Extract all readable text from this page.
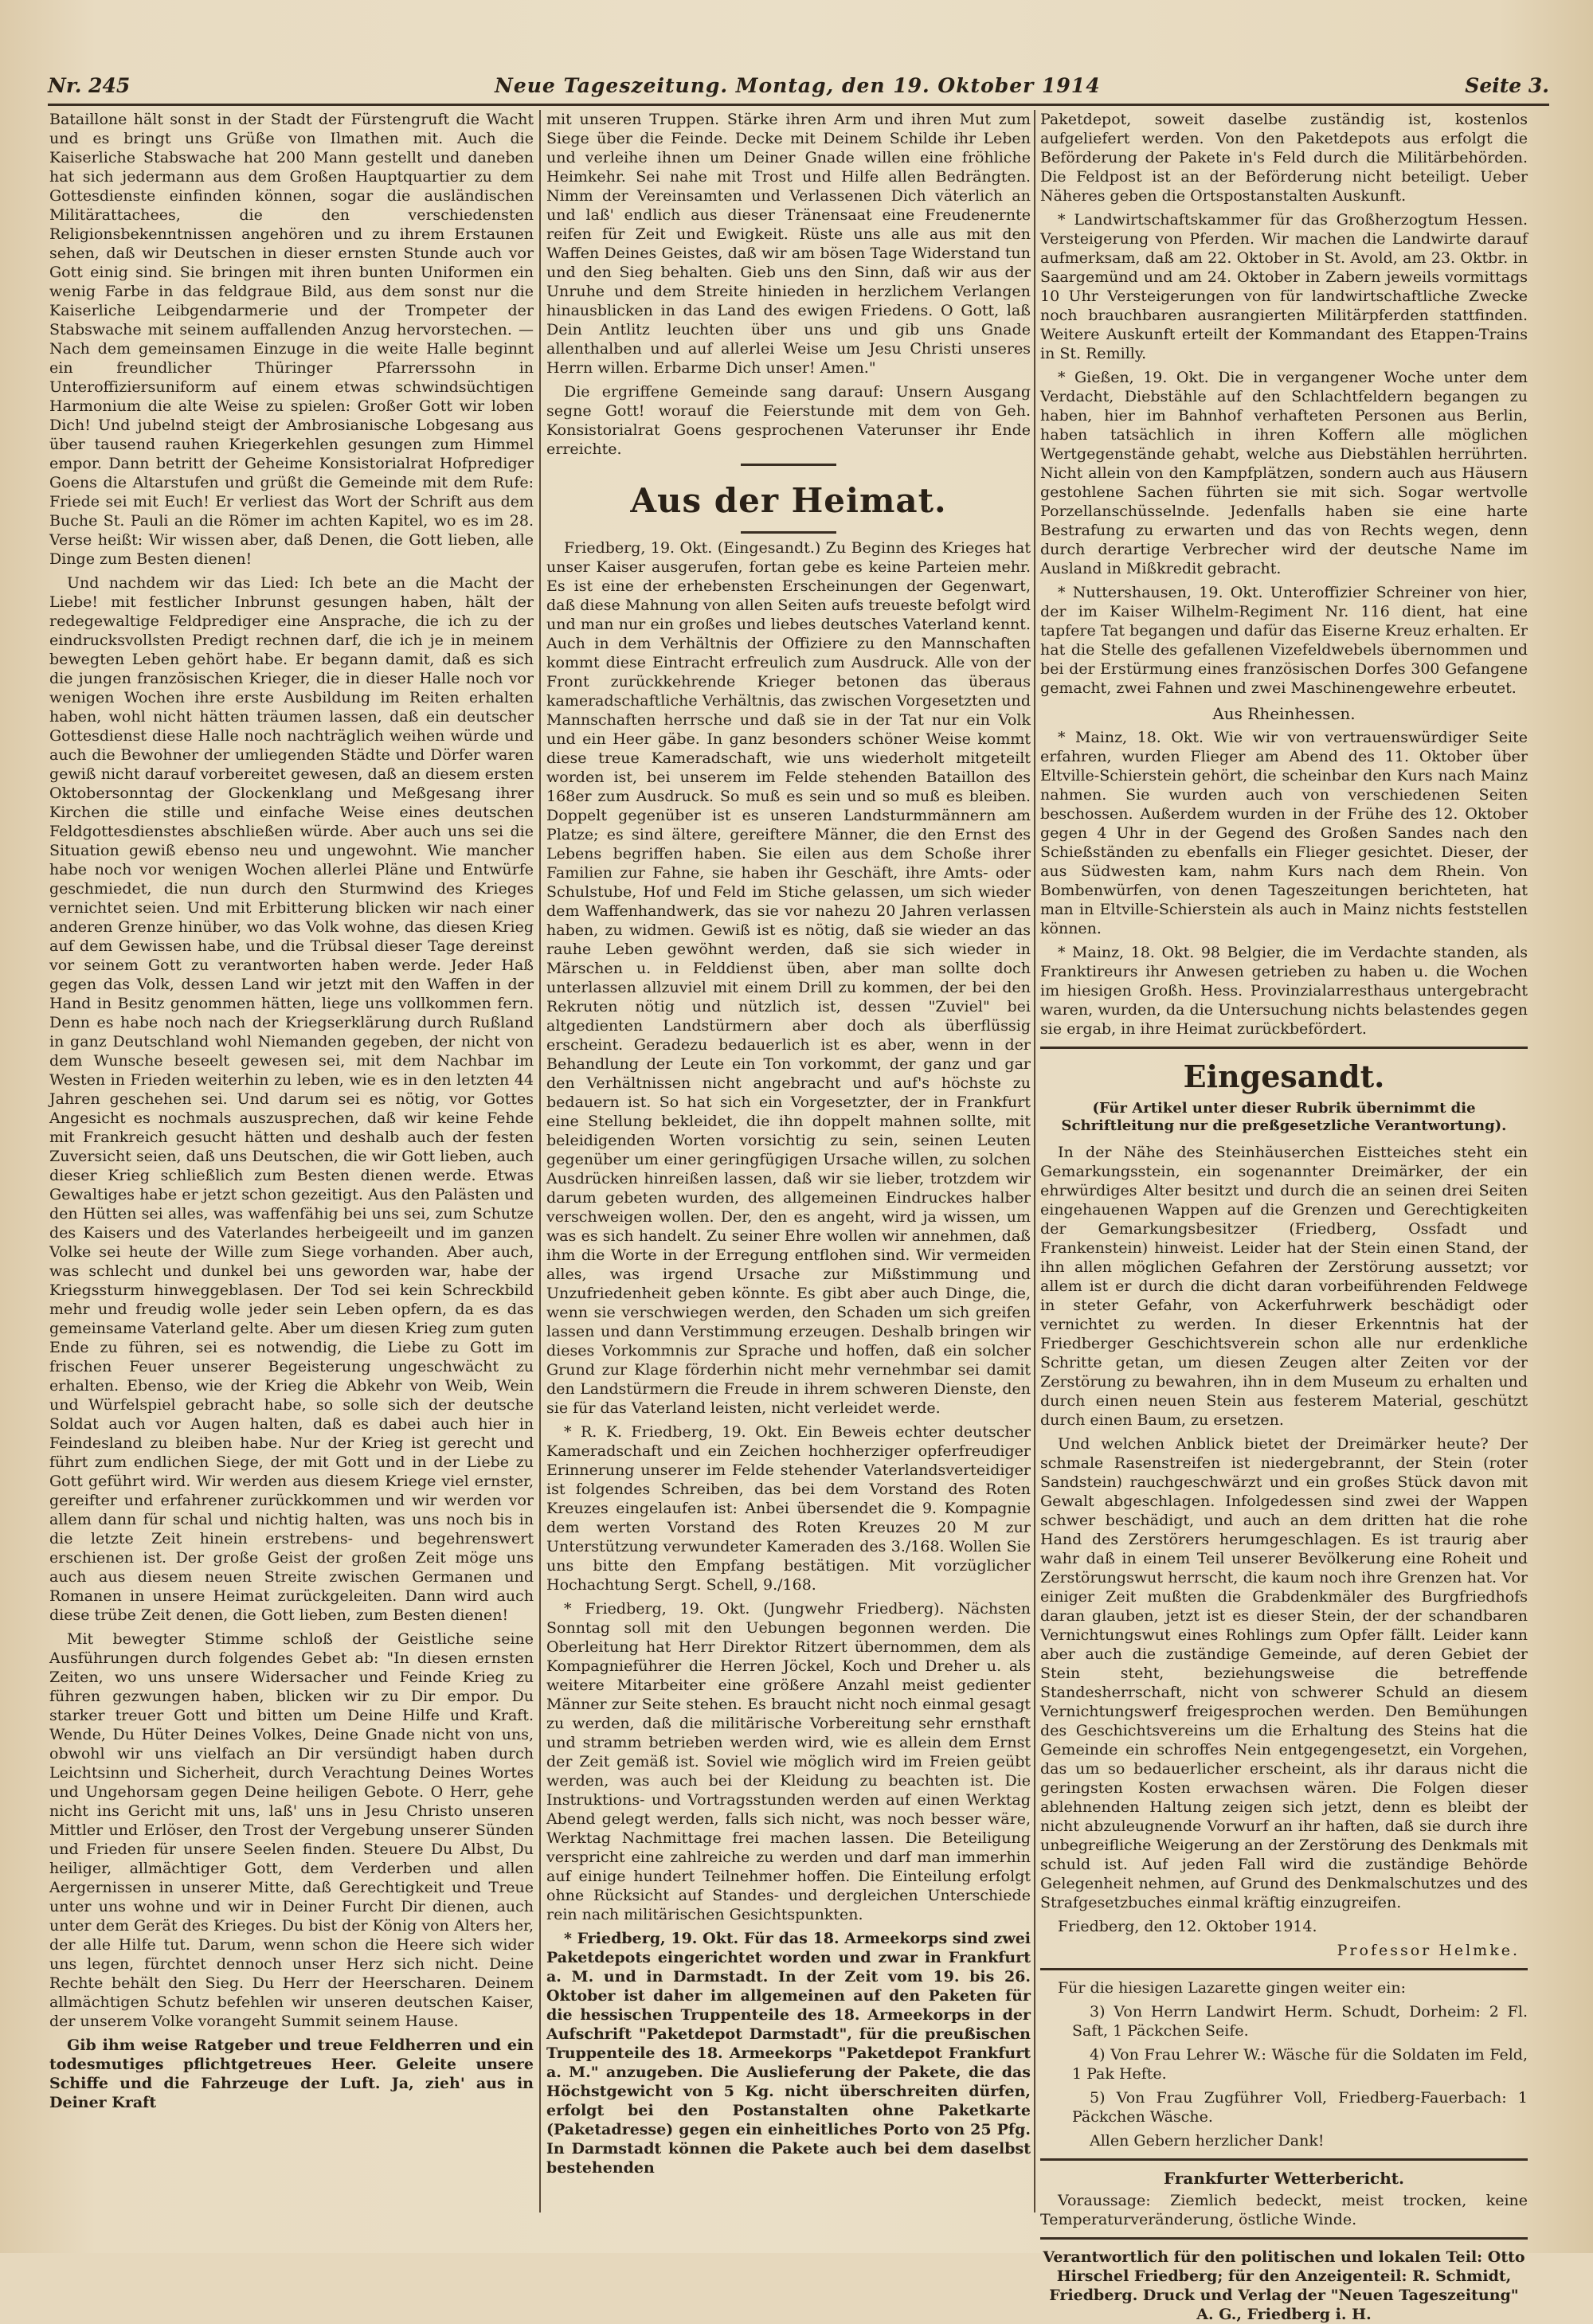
Nr. 245	Neue Tageszeitung. Montag, den 19. Oktober 1914	Seite 3.

Bataillone hält sonst in der Stadt der Fürstengruft die Wacht und es bringt uns Grüße von Ilmathen mit. Auch die Kaiserliche Stabswache hat 200 Mann gestellt und daneben hat sich jedermann aus dem Großen Hauptquartier zu dem Gottesdienste einfinden können, sogar die ausländischen Militärattachees, die den verschiedensten Religionsbekenntnissen angehören und zu ihrem Erstaunen sehen, daß wir Deutschen in dieser ernsten Stunde auch vor Gott einig sind. Sie bringen mit ihren bunten Uniformen ein wenig Farbe in das feldgraue Bild, aus dem sonst nur die Kaiserliche Leibgendarmerie und der Trompeter der Stabswache mit seinem auffallenden Anzug hervorstechen. — Nach dem gemeinsamen Einzuge in die weite Halle beginnt ein freundlicher Thüringer Pfarrerssohn in Unteroffiziersuniform auf einem etwas schwindsüchtigen Harmonium die alte Weise zu spielen: Großer Gott wir loben Dich! Und jubelnd steigt der Ambrosianische Lobgesang aus über tausend rauhen Kriegerkehlen gesungen zum Himmel empor. Dann betritt der Geheime Konsistorialrat Hofprediger Goens die Altarstufen und grüßt die Gemeinde mit dem Rufe: Friede sei mit Euch! Er verliest das Wort der Schrift aus dem Buche St. Pauli an die Römer im achten Kapitel, wo es im 28. Verse heißt: Wir wissen aber, daß Denen, die Gott lieben, alle Dinge zum Besten dienen!

Und nachdem wir das Lied: Ich bete an die Macht der Liebe! mit festlicher Inbrunst gesungen haben, hält der redegewaltige Feldprediger eine Ansprache, die ich zu der eindrucksvollsten Predigt rechnen darf, die ich je in meinem bewegten Leben gehört habe. Er begann damit, daß es sich die jungen französischen Krieger, die in dieser Halle noch vor wenigen Wochen ihre erste Ausbildung im Reiten erhalten haben, wohl nicht hätten träumen lassen, daß ein deutscher Gottesdienst diese Halle noch nachträglich weihen würde und auch die Bewohner der umliegenden Städte und Dörfer waren gewiß nicht darauf vorbereitet gewesen, daß an diesem ersten Oktobersonntag der Glockenklang und Meßgesang ihrer Kirchen die stille und einfache Weise eines deutschen Feldgottesdienstes abschließen würde. Aber auch uns sei die Situation gewiß ebenso neu und ungewohnt. Wie mancher habe noch vor wenigen Wochen allerlei Pläne und Entwürfe geschmiedet, die nun durch den Sturmwind des Krieges vernichtet seien. Und mit Erbitterung blicken wir nach einer anderen Grenze hinüber, wo das Volk wohne, das diesen Krieg auf dem Gewissen habe, und die Trübsal dieser Tage dereinst vor seinem Gott zu verantworten haben werde. Jeder Haß gegen das Volk, dessen Land wir jetzt mit den Waffen in der Hand in Besitz genommen hätten, liege uns vollkommen fern. Denn es habe noch nach der Kriegserklärung durch Rußland in ganz Deutschland wohl Niemanden gegeben, der nicht von dem Wunsche beseelt gewesen sei, mit dem Nachbar im Westen in Frieden weiterhin zu leben, wie es in den letzten 44 Jahren geschehen sei. Und darum sei es nötig, vor Gottes Angesicht es nochmals auszusprechen, daß wir keine Fehde mit Frankreich gesucht hätten und deshalb auch der festen Zuversicht seien, daß uns Deutschen, die wir Gott lieben, auch dieser Krieg schließlich zum Besten dienen werde. Etwas Gewaltiges habe er jetzt schon gezeitigt. Aus den Palästen und den Hütten sei alles, was waffenfähig bei uns sei, zum Schutze des Kaisers und des Vaterlandes herbeigeeilt und im ganzen Volke sei heute der Wille zum Siege vorhanden. Aber auch, was schlecht und dunkel bei uns geworden war, habe der Kriegssturm hinweggeblasen. Der Tod sei kein Schreckbild mehr und freudig wolle jeder sein Leben opfern, da es das gemeinsame Vaterland gelte. Aber um diesen Krieg zum guten Ende zu führen, sei es notwendig, die Liebe zu Gott im frischen Feuer unserer Begeisterung ungeschwächt zu erhalten. Ebenso, wie der Krieg die Abkehr von Weib, Wein und Würfelspiel gebracht habe, so solle sich der deutsche Soldat auch vor Augen halten, daß es dabei auch hier in Feindesland zu bleiben habe. Nur der Krieg ist gerecht und führt zum endlichen Siege, der mit Gott und in der Liebe zu Gott geführt wird. Wir werden aus diesem Kriege viel ernster, gereifter und erfahrener zurückkommen und wir werden vor allem dann für schal und nichtig halten, was uns noch bis in die letzte Zeit hinein erstrebens- und begehrenswert erschienen ist. Der große Geist der großen Zeit möge uns auch aus diesem neuen Streite zwischen Germanen und Romanen in unsere Heimat zurückgeleiten. Dann wird auch diese trübe Zeit denen, die Gott lieben, zum Besten dienen!

Mit bewegter Stimme schloß der Geistliche seine Ausführungen durch folgendes Gebet ab: "In diesen ernsten Zeiten, wo uns unsere Widersacher und Feinde Krieg zu führen gezwungen haben, blicken wir zu Dir empor. Du starker treuer Gott und bitten um Deine Hilfe und Kraft. Wende, Du Hüter Deines Volkes, Deine Gnade nicht von uns, obwohl wir uns vielfach an Dir versündigt haben durch Leichtsinn und Sicherheit, durch Verachtung Deines Wortes und Ungehorsam gegen Deine heiligen Gebote. O Herr, gehe nicht ins Gericht mit uns, laß' uns in Jesu Christo unseren Mittler und Erlöser, den Trost der Vergebung unserer Sünden und Frieden für unsere Seelen finden. Steuere Du Albst, Du heiliger, allmächtiger Gott, dem Verderben und allen Aergernissen in unserer Mitte, daß Gerechtigkeit und Treue unter uns wohne und wir in Deiner Furcht Dir dienen, auch unter dem Gerät des Krieges. Du bist der König von Alters her, der alle Hilfe tut. Darum, wenn schon die Heere sich wider uns legen, fürchtet dennoch unser Herz sich nicht. Deine Rechte behält den Sieg. Du Herr der Heerscharen. Deinem allmächtigen Schutz befehlen wir unseren deutschen Kaiser, der unserem Volke vorangeht Summit seinem Hause.

Gib ihm weise Ratgeber und treue Feldherren und ein todesmutiges pflichtgetreues Heer. Geleite unsere Schiffe und die Fahrzeuge der Luft. Ja, zieh' aus in Deiner Kraft

mit unseren Truppen. Stärke ihren Arm und ihren Mut zum Siege über die Feinde. Decke mit Deinem Schilde ihr Leben und verleihe ihnen um Deiner Gnade willen eine fröhliche Heimkehr. Sei nahe mit Trost und Hilfe allen Bedrängten. Nimm der Vereinsamten und Verlassenen Dich väterlich an und laß' endlich aus dieser Tränensaat eine Freudenernte reifen für Zeit und Ewigkeit. Rüste uns alle aus mit den Waffen Deines Geistes, daß wir am bösen Tage Widerstand tun und den Sieg behalten. Gieb uns den Sinn, daß wir aus der Unruhe und dem Streite hinieden in herzlichem Verlangen hinausblicken in das Land des ewigen Friedens. O Gott, laß Dein Antlitz leuchten über uns und gib uns Gnade allenthalben und auf allerlei Weise um Jesu Christi unseres Herrn willen. Erbarme Dich unser! Amen."

Die ergriffene Gemeinde sang darauf: Unsern Ausgang segne Gott! worauf die Feierstunde mit dem von Geh. Konsistorialrat Goens gesprochenen Vaterunser ihr Ende erreichte.

Aus der Heimat.

Friedberg, 19. Okt. (Eingesandt.) Zu Beginn des Krieges hat unser Kaiser ausgerufen, fortan gebe es keine Parteien mehr. Es ist eine der erhebensten Erscheinungen der Gegenwart, daß diese Mahnung von allen Seiten aufs treueste befolgt wird und man nur ein großes und liebes deutsches Vaterland kennt. Auch in dem Verhältnis der Offiziere zu den Mannschaften kommt diese Eintracht erfreulich zum Ausdruck. Alle von der Front zurückkehrende Krieger betonen das überaus kameradschaftliche Verhältnis, das zwischen Vorgesetzten und Mannschaften herrsche und daß sie in der Tat nur ein Volk und ein Heer gäbe. In ganz besonders schöner Weise kommt diese treue Kameradschaft, wie uns wiederholt mitgeteilt worden ist, bei unserem im Felde stehenden Bataillon des 168er zum Ausdruck. So muß es sein und so muß es bleiben. Doppelt gegenüber ist es unseren Landsturmmännern am Platze; es sind ältere, gereiftere Männer, die den Ernst des Lebens begriffen haben. Sie eilen aus dem Schoße ihrer Familien zur Fahne, sie haben ihr Geschäft, ihre Amts- oder Schulstube, Hof und Feld im Stiche gelassen, um sich wieder dem Waffenhandwerk, das sie vor nahezu 20 Jahren verlassen haben, zu widmen. Gewiß ist es nötig, daß sie wieder an das rauhe Leben gewöhnt werden, daß sie sich wieder in Märschen u. in Felddienst üben, aber man sollte doch unterlassen allzuviel mit einem Drill zu kommen, der bei den Rekruten nötig und nützlich ist, dessen "Zuviel" bei altgedienten Landstürmern aber doch als überflüssig erscheint. Geradezu bedauerlich ist es aber, wenn in der Behandlung der Leute ein Ton vorkommt, der ganz und gar den Verhältnissen nicht angebracht und auf's höchste zu bedauern ist. So hat sich ein Vorgesetzter, der in Frankfurt eine Stellung bekleidet, die ihn doppelt mahnen sollte, mit beleidigenden Worten vorsichtig zu sein, seinen Leuten gegenüber um einer geringfügigen Ursache willen, zu solchen Ausdrücken hinreißen lassen, daß wir sie lieber, trotzdem wir darum gebeten wurden, des allgemeinen Eindruckes halber verschweigen wollen. Der, den es angeht, wird ja wissen, um was es sich handelt. Zu seiner Ehre wollen wir annehmen, daß ihm die Worte in der Erregung entflohen sind. Wir vermeiden alles, was irgend Ursache zur Mißstimmung und Unzufriedenheit geben könnte. Es gibt aber auch Dinge, die, wenn sie verschwiegen werden, den Schaden um sich greifen lassen und dann Verstimmung erzeugen. Deshalb bringen wir dieses Vorkommnis zur Sprache und hoffen, daß ein solcher Grund zur Klage förderhin nicht mehr vernehmbar sei damit den Landstürmern die Freude in ihrem schweren Dienste, den sie für das Vaterland leisten, nicht verleidet werde.

* R. K. Friedberg, 19. Okt. Ein Beweis echter deutscher Kameradschaft und ein Zeichen hochherziger opferfreudiger Erinnerung unserer im Felde stehender Vaterlandsverteidiger ist folgendes Schreiben, das bei dem Vorstand des Roten Kreuzes eingelaufen ist: Anbei übersendet die 9. Kompagnie dem werten Vorstand des Roten Kreuzes 20 M zur Unterstützung verwundeter Kameraden des 3./168. Wollen Sie uns bitte den Empfang bestätigen. Mit vorzüglicher Hochachtung Sergt. Schell, 9./168.

* Friedberg, 19. Okt. (Jungwehr Friedberg). Nächsten Sonntag soll mit den Uebungen begonnen werden. Die Oberleitung hat Herr Direktor Ritzert übernommen, dem als Kompagnieführer die Herren Jöckel, Koch und Dreher u. als weitere Mitarbeiter eine größere Anzahl meist gedienter Männer zur Seite stehen. Es braucht nicht noch einmal gesagt zu werden, daß die militärische Vorbereitung sehr ernsthaft und stramm betrieben werden wird, wie es allein dem Ernst der Zeit gemäß ist. Soviel wie möglich wird im Freien geübt werden, was auch bei der Kleidung zu beachten ist. Die Instruktions- und Vortragsstunden werden auf einen Werktag Abend gelegt werden, falls sich nicht, was noch besser wäre, Werktag Nachmittage frei machen lassen. Die Beteiligung verspricht eine zahlreiche zu werden und darf man immerhin auf einige hundert Teilnehmer hoffen. Die Einteilung erfolgt ohne Rücksicht auf Standes- und dergleichen Unterschiede rein nach militärischen Gesichtspunkten.

* Friedberg, 19. Okt. Für das 18. Armeekorps sind zwei Paketdepots eingerichtet worden und zwar in Frankfurt a. M. und in Darmstadt. In der Zeit vom 19. bis 26. Oktober ist daher im allgemeinen auf den Paketen für die hessischen Truppenteile des 18. Armeekorps in der Aufschrift "Paketdepot Darmstadt", für die preußischen Truppenteile des 18. Armeekorps "Paketdepot Frankfurt a. M." anzugeben. Die Auslieferung der Pakete, die das Höchstgewicht von 5 Kg. nicht überschreiten dürfen, erfolgt bei den Postanstalten ohne Paketkarte (Paketadresse) gegen ein einheitliches Porto von 25 Pfg. In Darmstadt können die Pakete auch bei dem daselbst bestehenden

Paketdepot, soweit daselbe zuständig ist, kostenlos aufgeliefert werden. Von den Paketdepots aus erfolgt die Beförderung der Pakete in's Feld durch die Militärbehörden. Die Feldpost ist an der Beförderung nicht beteiligt. Ueber Näheres geben die Ortspostanstalten Auskunft.

* Landwirtschaftskammer für das Großherzogtum Hessen. Versteigerung von Pferden. Wir machen die Landwirte darauf aufmerksam, daß am 22. Oktober in St. Avold, am 23. Oktbr. in Saargemünd und am 24. Oktober in Zabern jeweils vormittags 10 Uhr Versteigerungen von für landwirtschaftliche Zwecke noch brauchbaren ausrangierten Militärpferden stattfinden. Weitere Auskunft erteilt der Kommandant des Etappen-Trains in St. Remilly.

* Gießen, 19. Okt. Die in vergangener Woche unter dem Verdacht, Diebstähle auf den Schlachtfeldern begangen zu haben, hier im Bahnhof verhafteten Personen aus Berlin, haben tatsächlich in ihren Koffern alle möglichen Wertgegenstände gehabt, welche aus Diebstählen herrührten. Nicht allein von den Kampfplätzen, sondern auch aus Häusern gestohlene Sachen führten sie mit sich. Sogar wertvolle Porzellanschüsselnde. Jedenfalls haben sie eine harte Bestrafung zu erwarten und das von Rechts wegen, denn durch derartige Verbrecher wird der deutsche Name im Ausland in Mißkredit gebracht.

* Nuttershausen, 19. Okt. Unteroffizier Schreiner von hier, der im Kaiser Wilhelm-Regiment Nr. 116 dient, hat eine tapfere Tat begangen und dafür das Eiserne Kreuz erhalten. Er hat die Stelle des gefallenen Vizefeldwebels übernommen und bei der Erstürmung eines französischen Dorfes 300 Gefangene gemacht, zwei Fahnen und zwei Maschinengewehre erbeutet.

Aus Rheinhessen.

* Mainz, 18. Okt. Wie wir von vertrauenswürdiger Seite erfahren, wurden Flieger am Abend des 11. Oktober über Eltville-Schierstein gehört, die scheinbar den Kurs nach Mainz nahmen. Sie wurden auch von verschiedenen Seiten beschossen. Außerdem wurden in der Frühe des 12. Oktober gegen 4 Uhr in der Gegend des Großen Sandes nach den Schießständen zu ebenfalls ein Flieger gesichtet. Dieser, der aus Südwesten kam, nahm Kurs nach dem Rhein. Von Bombenwürfen, von denen Tageszeitungen berichteten, hat man in Eltville-Schierstein als auch in Mainz nichts feststellen können.

* Mainz, 18. Okt. 98 Belgier, die im Verdachte standen, als Franktireurs ihr Anwesen getrieben zu haben u. die Wochen im hiesigen Großh. Hess. Provinzialarresthaus untergebracht waren, wurden, da die Untersuchung nichts belastendes gegen sie ergab, in ihre Heimat zurückbefördert.

Eingesandt.
(Für Artikel unter dieser Rubrik übernimmt die Schriftleitung nur die preßgesetzliche Verantwortung).

In der Nähe des Steinhäuserchen Eistteiches steht ein Gemarkungsstein, ein sogenannter Dreimärker, der ein ehrwürdiges Alter besitzt und durch die an seinen drei Seiten eingehauenen Wappen auf die Grenzen und Gerechtigkeiten der Gemarkungsbesitzer (Friedberg, Ossfadt und Frankenstein) hinweist. Leider hat der Stein einen Stand, der ihn allen möglichen Gefahren der Zerstörung aussetzt; vor allem ist er durch die dicht daran vorbeiführenden Feldwege in steter Gefahr, von Ackerfuhrwerk beschädigt oder vernichtet zu werden. In dieser Erkenntnis hat der Friedberger Geschichtsverein schon alle nur erdenkliche Schritte getan, um diesen Zeugen alter Zeiten vor der Zerstörung zu bewahren, ihn in dem Museum zu erhalten und durch einen neuen Stein aus festerem Material, geschützt durch einen Baum, zu ersetzen.

Und welchen Anblick bietet der Dreimärker heute? Der schmale Rasenstreifen ist niedergebrannt, der Stein (roter Sandstein) rauchgeschwärzt und ein großes Stück davon mit Gewalt abgeschlagen. Infolgedessen sind zwei der Wappen schwer beschädigt, und auch an dem dritten hat die rohe Hand des Zerstörers herumgeschlagen. Es ist traurig aber wahr daß in einem Teil unserer Bevölkerung eine Roheit und Zerstörungswut herrscht, die kaum noch ihre Grenzen hat. Vor einiger Zeit mußten die Grabdenkmäler des Burgfriedhofs daran glauben, jetzt ist es dieser Stein, der der schandbaren Vernichtungswut eines Rohlings zum Opfer fällt. Leider kann aber auch die zuständige Gemeinde, auf deren Gebiet der Stein steht, beziehungsweise die betreffende Standesherrschaft, nicht von schwerer Schuld an diesem Vernichtungswerf freigesprochen werden. Den Bemühungen des Geschichtsvereins um die Erhaltung des Steins hat die Gemeinde ein schroffes Nein entgegengesetzt, ein Vorgehen, das um so bedauerlicher erscheint, als ihr daraus nicht die geringsten Kosten erwachsen wären. Die Folgen dieser ablehnenden Haltung zeigen sich jetzt, denn es bleibt der nicht abzuleugnende Vorwurf an ihr haften, daß sie durch ihre unbegreifliche Weigerung an der Zerstörung des Denkmals mit schuld ist. Auf jeden Fall wird die zuständige Behörde Gelegenheit nehmen, auf Grund des Denkmalschutzes und des Strafgesetzbuches einmal kräftig einzugreifen.

Friedberg, den 12. Oktober 1914.

Professor Helmke.

Für die hiesigen Lazarette gingen weiter ein:

3) Von Herrn Landwirt Herm. Schudt, Dorheim: 2 Fl. Saft, 1 Päckchen Seife.

4) Von Frau Lehrer W.: Wäsche für die Soldaten im Feld, 1 Pak Hefte.

5) Von Frau Zugführer Voll, Friedberg-Fauerbach: 1 Päckchen Wäsche.

Allen Gebern herzlicher Dank!

Frankfurter Wetterbericht.

Voraussage: Ziemlich bedeckt, meist trocken, keine Temperaturveränderung, östliche Winde.

Verantwortlich für den politischen und lokalen Teil: Otto Hirschel Friedberg; für den Anzeigenteil: R. Schmidt, Friedberg. Druck und Verlag der "Neuen Tageszeitung" A. G., Friedberg i. H.
